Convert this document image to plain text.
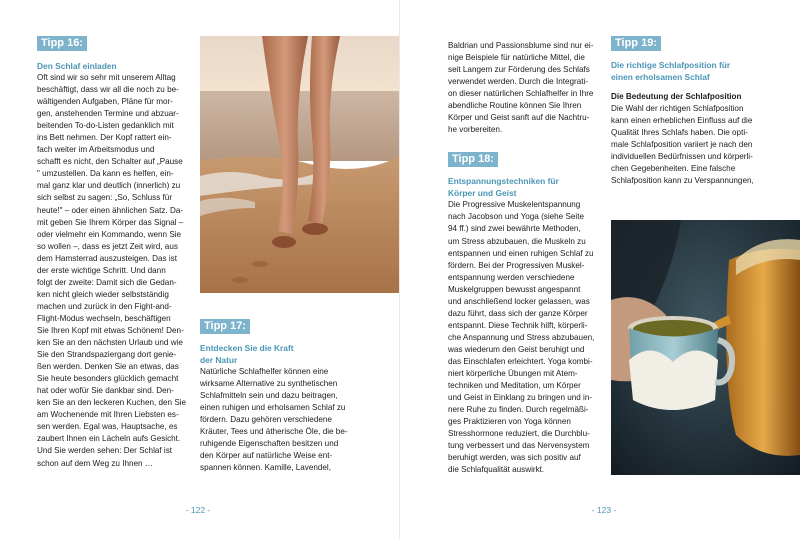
Tipp 16:
Den Schlaf einladen

Oft sind wir so sehr mit unserem Alltag

beschäftigt, dass wir all die noch zu be-

wältigenden Aufgaben, Pläne für mor-

gen, anstehenden Termine und abzuar-

beitenden To-do-Listen gedanklich mit

ins Bett nehmen. Der Kopf rattert ein-

fach weiter im Arbeitsmodus und

schafft es nicht, den Schalter auf „Pause

" umzustellen. Da kann es helfen, ein-

mal ganz klar und deutlich (innerlich) zu

sich selbst zu sagen: „So, Schluss für

heute!" – oder einen ähnlichen Satz. Da-

mit geben Sie Ihrem Körper das Signal –

oder vielmehr ein Kommando, wenn Sie

so wollen –, dass es jetzt Zeit wird, aus

dem Hamsterrad auszusteigen. Das ist

der erste wichtige Schritt. Und dann

folgt der zweite: Damit sich die Gedan-

ken nicht gleich wieder selbstständig

machen und zurück in den Fight-and-

Flight-Modus wechseln, beschäftigen

Sie Ihren Kopf mit etwas Schönem! Den-

ken Sie an den nächsten Urlaub und wie

Sie den Strandspaziergang dort genie-

ßen werden. Denken Sie an etwas, das

Sie heute besonders glücklich gemacht

hat oder wofür Sie dankbar sind. Den-

ken Sie an den leckeren Kuchen, den Sie

am Wochenende mit Ihren Liebsten es-

sen werden. Egal was, Hauptsache, es

zaubert Ihnen ein Lächeln aufs Gesicht.

Und Sie werden sehen: Der Schlaf ist

schon auf dem Weg zu Ihnen …

Tipp 17:
Entdecken Sie die Kraft
der Natur

Natürliche Schlafhelfer können eine

wirksame Alternative zu synthetischen

Schlafmitteln sein und dazu beitragen,

einen ruhigen und erholsamen Schlaf zu

fördern. Dazu gehören verschiedene

Kräuter, Tees und ätherische Öle, die be-

ruhigende Eigenschaften besitzen und

den Körper auf natürliche Weise ent-

spannen können. Kamille, Lavendel,

- 122 -

Baldrian und Passionsblume sind nur ei-

nige Beispiele für natürliche Mittel, die

seit Langem zur Förderung des Schlafs

verwendet werden. Durch die Integrati-

on dieser natürlichen Schlafhelfer in Ihre

abendliche Routine können Sie Ihren

Körper und Geist sanft auf die Nachtru-

he vorbereiten.

Tipp 18:
Entspannungstechniken für
Körper und Geist

Die Progressive Muskelentspannung

nach Jacobson und Yoga (siehe Seite

94 ff.) sind zwei bewährte Methoden,

um Stress abzubauen, die Muskeln zu

entspannen und einen ruhigen Schlaf zu

fördern. Bei der Progressiven Muskel-

entspannung werden verschiedene

Muskelgruppen bewusst angespannt

und anschließend locker gelassen, was

dazu führt, dass sich der ganze Körper

entspannt. Diese Technik hilft, körperli-

che Anspannung und Stress abzubauen,

was wiederum den Geist beruhigt und

das Einschlafen erleichtert. Yoga kombi-

niert körperliche Übungen mit Atem-

techniken und Meditation, um Körper

und Geist in Einklang zu bringen und in-

nere Ruhe zu finden. Durch regelmäßi-

ges Praktizieren von Yoga können

Stresshormone reduziert, die Durchblu-

tung verbessert und das Nervensystem

beruhigt werden, was sich positiv auf

die Schlafqualität auswirkt.

Tipp 19:
Die richtige Schlafposition für
einen erholsamen Schlaf
Die Bedeutung der Schlafposition

Die Wahl der richtigen Schlafposition

kann einen erheblichen Einfluss auf die

Qualität Ihres Schlafs haben. Die opti-

male Schlafposition variiert je nach den

individuellen Bedürfnissen und körperli-

chen Gegebenheiten. Eine falsche

Schlafposition kann zu Verspannungen,

- 123 -
